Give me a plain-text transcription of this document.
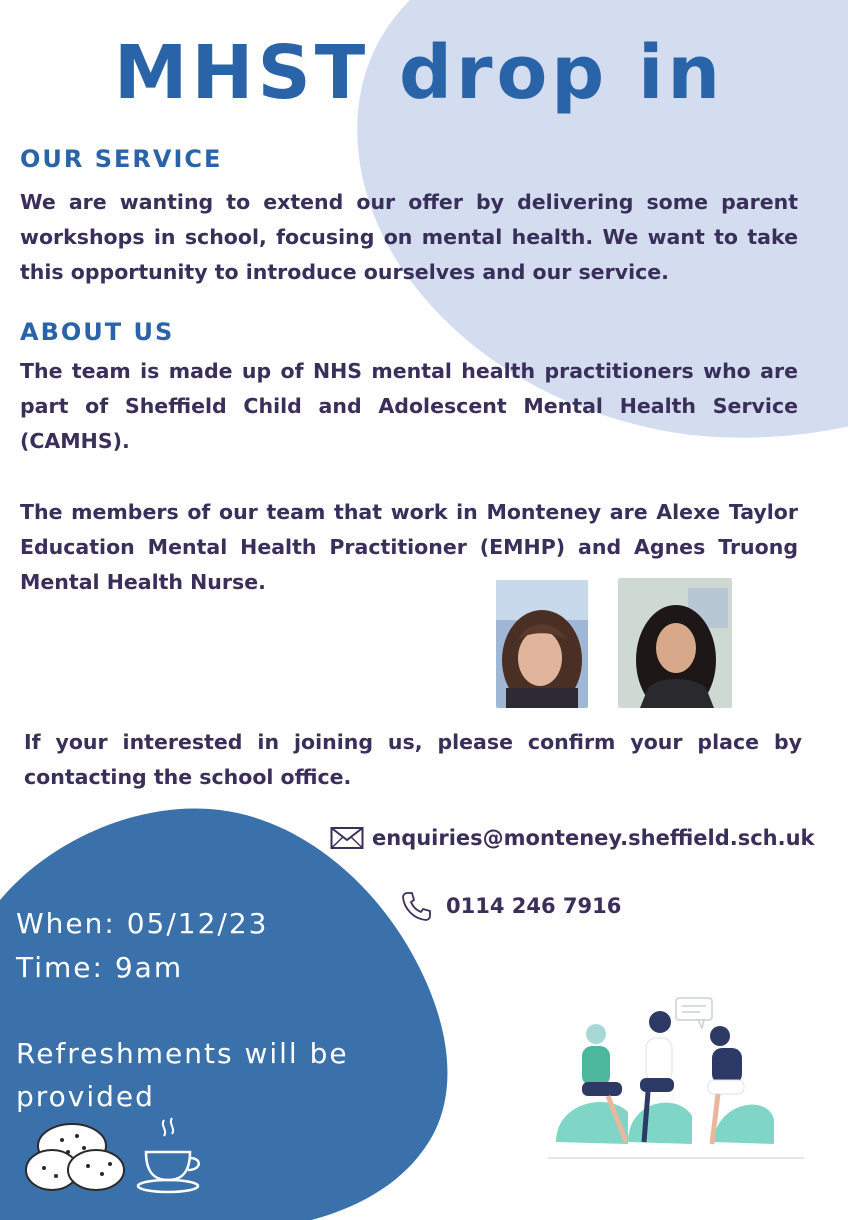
MHST drop in
OUR SERVICE
We are wanting to extend our offer by delivering some parent workshops in school, focusing on mental health. We want to take this opportunity to introduce ourselves and our service.
ABOUT US
The team is made up of NHS mental health practitioners who are part of Sheffield Child and Adolescent Mental Health Service (CAMHS).
The members of our team that work in Monteney are Alexe Taylor Education Mental Health Practitioner (EMHP) and Agnes Truong Mental Health Nurse.
If your interested in joining us, please confirm your place by contacting the school office.
enquiries@monteney.sheffield.sch.uk
0114 246 7916
When: 05/12/23
Time: 9am
Refreshments will be provided
